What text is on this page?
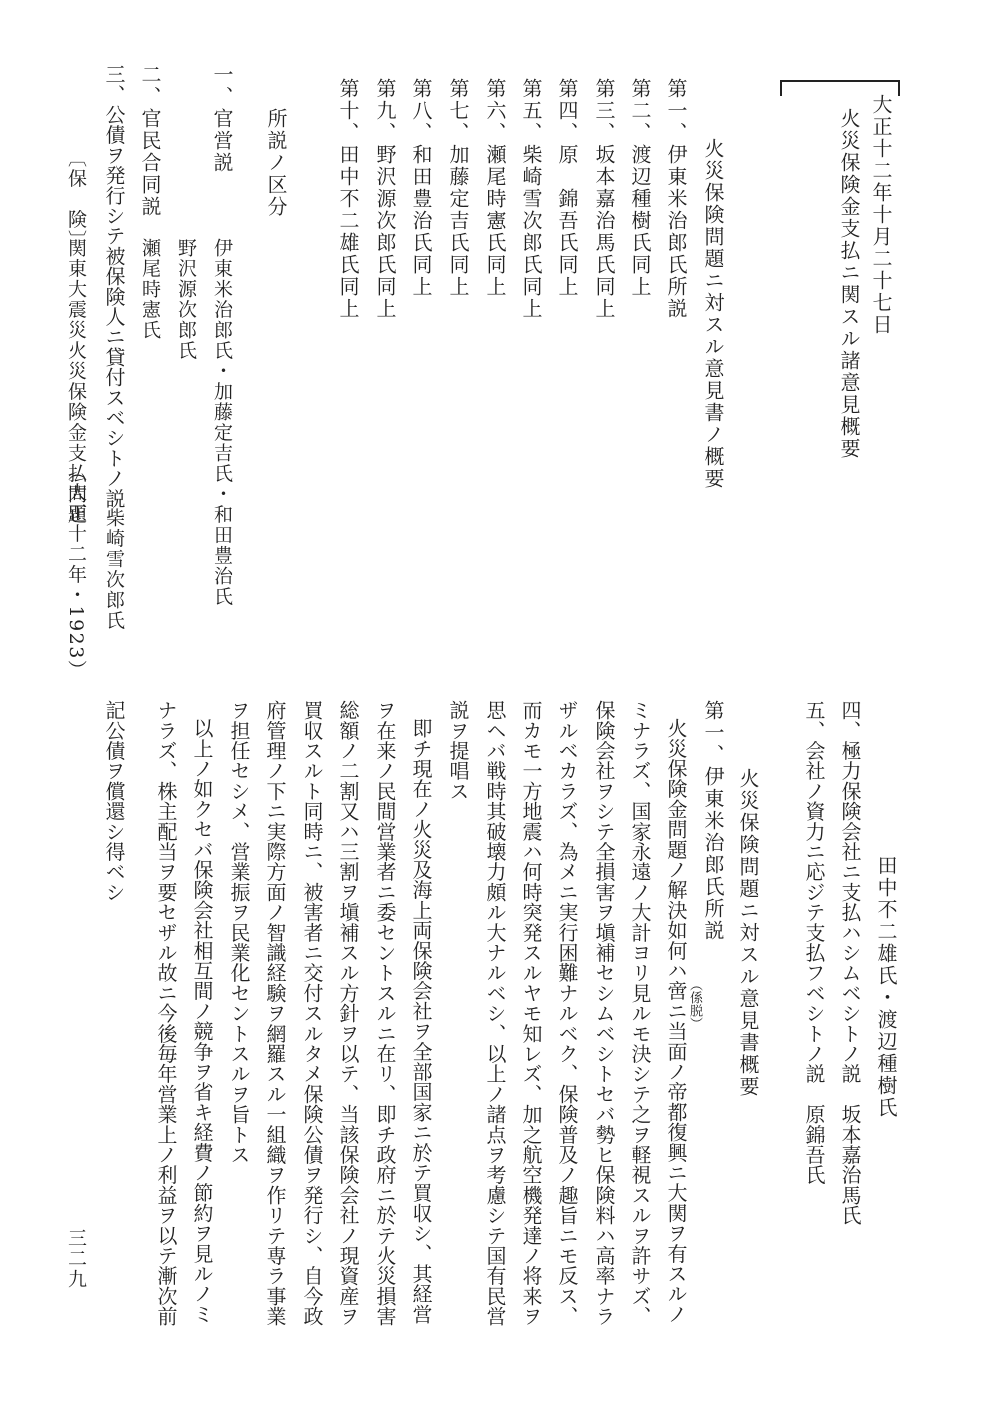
大正十二年十月二十七日
火災保険金支払ニ関スル諸意見概要
火災保険問題ニ対スル意見書ノ概要
第一、伊東米治郎氏所説
第二、渡辺種樹氏同上
第三、坂本嘉治馬氏同上
第四、原　錦吾氏同上
第五、柴崎雪次郎氏同上
第六、瀬尾時憲氏同上
第七、加藤定吉氏同上
第八、和田豊治氏同上
第九、野沢源次郎氏同上
第十、田中不二雄氏同上
所説ノ区分
一、官営説
伊東米治郎氏・加藤定吉氏・和田豊治氏
野沢源次郎氏
二、官民合同説
瀬尾時憲氏
三、公債ヲ発行シテ被保険人ニ貸付スベシトノ説
柴崎雪次郎氏
〔保　険〕
関東大震災火災保険金支払問題
（大正十二年・1923）
田中不二雄氏・渡辺種樹氏
四、極力保険会社ニ支払ハシムベシトノ説　坂本嘉治馬氏
五、会社ノ資力ニ応ジテ支払フベシトノ説　原錦吾氏
火災保険問題ニ対スル意見書概要
第一、伊東米治郎氏所説
火災保険金問題ノ解決如何ハ啻ニ当面ノ帝都復興ニ大関ヲ有スルノ （係脱）
ミナラズ、国家永遠ノ大計ヨリ見ルモ決シテ之ヲ軽視スルヲ許サズ、
保険会社ヲシテ全損害ヲ塡補セシムベシトセバ勢ヒ保険料ハ高率ナラ
ザルベカラズ、為メニ実行困難ナルベク、保険普及ノ趣旨ニモ反ス、
而カモ一方地震ハ何時突発スルヤモ知レズ、加之航空機発達ノ将来ヲ
思ヘバ戦時其破壊力頗ル大ナルベシ、以上ノ諸点ヲ考慮シテ国有民営
説ヲ提唱ス
即チ現在ノ火災及海上両保険会社ヲ全部国家ニ於テ買収シ、其経営
ヲ在来ノ民間営業者ニ委セントスルニ在リ、即チ政府ニ於テ火災損害
総額ノ二割又ハ三割ヲ塡補スル方針ヲ以テ、当該保険会社ノ現資産ヲ
買収スルト同時ニ、被害者ニ交付スルタメ保険公債ヲ発行シ、自今政
府管理ノ下ニ実際方面ノ智識経験ヲ網羅スル一組織ヲ作リテ専ラ事業
ヲ担任セシメ、営業振ヲ民業化セントスルヲ旨トス
以上ノ如クセバ保険会社相互間ノ競争ヲ省キ経費ノ節約ヲ見ルノミ
ナラズ、株主配当ヲ要セザル故ニ今後毎年営業上ノ利益ヲ以テ漸次前
記公債ヲ償還シ得ベシ
三二九
